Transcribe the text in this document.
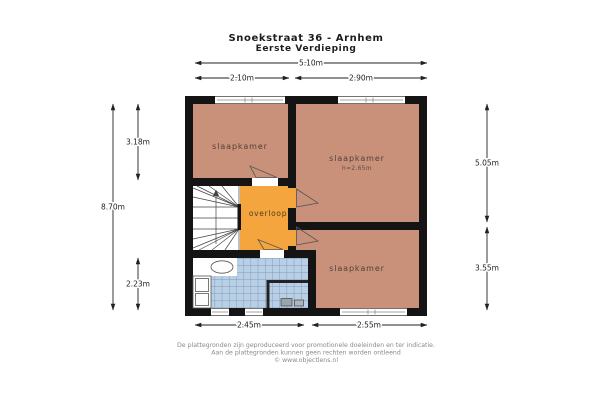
Snoekstraat 36 - Arnhem
Eerste Verdieping
slaapkamer
slaapkamer
h=2.65m
slaapkamer
overloop
5.10m
2.10m	2.90m
8.70m
3.18m
2.23m
5.05m
3.55m
2.45m	2.55m
De plattegronden zijn geproduceerd voor promotionele doeleinden en ter indicatie.
Aan de plattegronden kunnen geen rechten worden ontleend
© www.objectlens.nl
